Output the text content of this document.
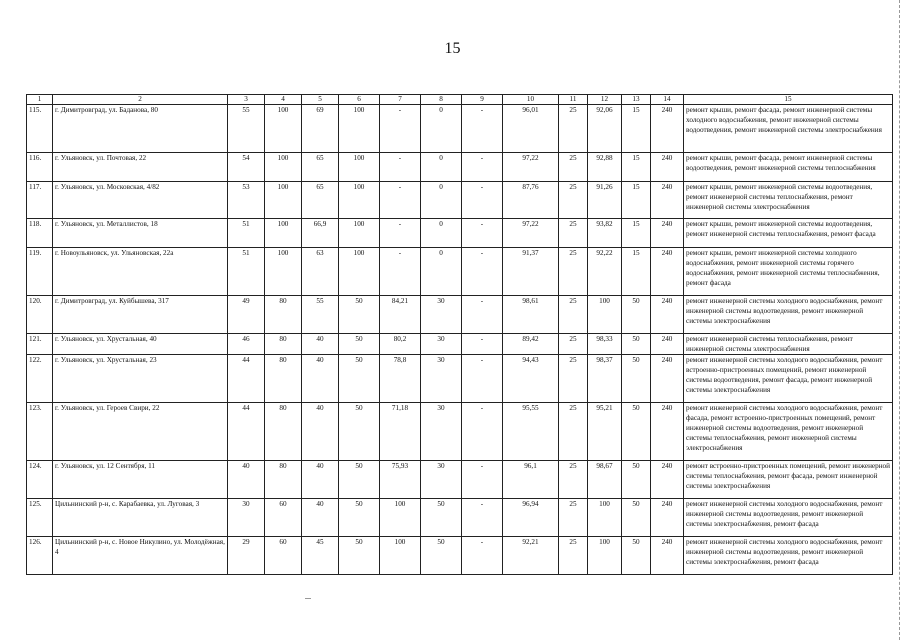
15
1	2	3	4	5	6	7	8	9	10	11	12	13	14	15
115.	г. Димитровград, ул. Баданова, 80	55	100	69	100	-	0	-	96,01	25	92,06	15	240	ремонт крыши, ремонт фасада, ремонт инженерной системы холодного водоснабжения, ремонт инженерной системы водоотведения, ремонт инженерной системы электроснабжения
116.	г. Ульяновск, ул. Почтовая, 22	54	100	65	100	-	0	-	97,22	25	92,88	15	240	ремонт крыши, ремонт фасада, ремонт инженерной системы водоотведения, ремонт инженерной системы теплоснабжения
117.	г. Ульяновск, ул. Московская, 4/82	53	100	65	100	-	0	-	87,76	25	91,26	15	240	ремонт крыши, ремонт инженерной системы водоотведения, ремонт инженерной системы теплоснабжения, ремонт инженерной системы электроснабжения
118.	г. Ульяновск, ул. Металлистов, 18	51	100	66,9	100	-	0	-	97,22	25	93,82	15	240	ремонт крыши, ремонт инженерной системы водоотведения, ремонт инженерной системы теплоснабжения, ремонт фасада
119.	г. Новоульяновск, ул. Ульяновская, 22а	51	100	63	100	-	0	-	91,37	25	92,22	15	240	ремонт крыши, ремонт инженерной системы холодного водоснабжения, ремонт инженерной системы горячего водоснабжения, ремонт инженерной системы теплоснабжения, ремонт фасада
120.	г. Димитровград, ул. Куйбышева, 317	49	80	55	50	84,21	30	-	98,61	25	100	50	240	ремонт инженерной системы холодного водоснабжения, ремонт инженерной системы водоотведения, ремонт инженерной системы электроснабжения
121.	г. Ульяновск, ул. Хрустальная, 40	46	80	40	50	80,2	30	-	89,42	25	98,33	50	240	ремонт инженерной системы теплоснабжения, ремонт инженерной системы электроснабжения
122.	г. Ульяновск, ул. Хрустальная, 23	44	80	40	50	78,8	30	-	94,43	25	98,37	50	240	ремонт инженерной системы холодного водоснабжения, ремонт встроенно-пристроенных помещений, ремонт инженерной системы водоотведения, ремонт фасада, ремонт инженерной системы электроснабжения
123.	г. Ульяновск, ул. Героев Свири, 22	44	80	40	50	71,18	30	-	95,55	25	95,21	50	240	ремонт инженерной системы холодного водоснабжения, ремонт фасада, ремонт встроенно-пристроенных помещений, ремонт инженерной системы водоотведения, ремонт инженерной системы теплоснабжения, ремонт инженерной системы электроснабжения
124.	г. Ульяновск, ул. 12 Сентября, 11	40	80	40	50	75,93	30	-	96,1	25	98,67	50	240	ремонт встроенно-пристроенных помещений, ремонт инженерной системы теплоснабжения, ремонт фасада, ремонт инженерной системы электроснабжения
125.	Цильнинский р-н, с. Карабаевка, ул. Луговая, 3	30	60	40	50	100	50	-	96,94	25	100	50	240	ремонт инженерной системы холодного водоснабжения, ремонт инженерной системы водоотведения, ремонт инженерной системы электроснабжения, ремонт фасада
126.	Цильнинский р-н, с. Новое Никулино, ул. Молодёжная, 4	29	60	45	50	100	50	-	92,21	25	100	50	240	ремонт инженерной системы холодного водоснабжения, ремонт инженерной системы водоотведения, ремонт инженерной системы электроснабжения, ремонт фасада
